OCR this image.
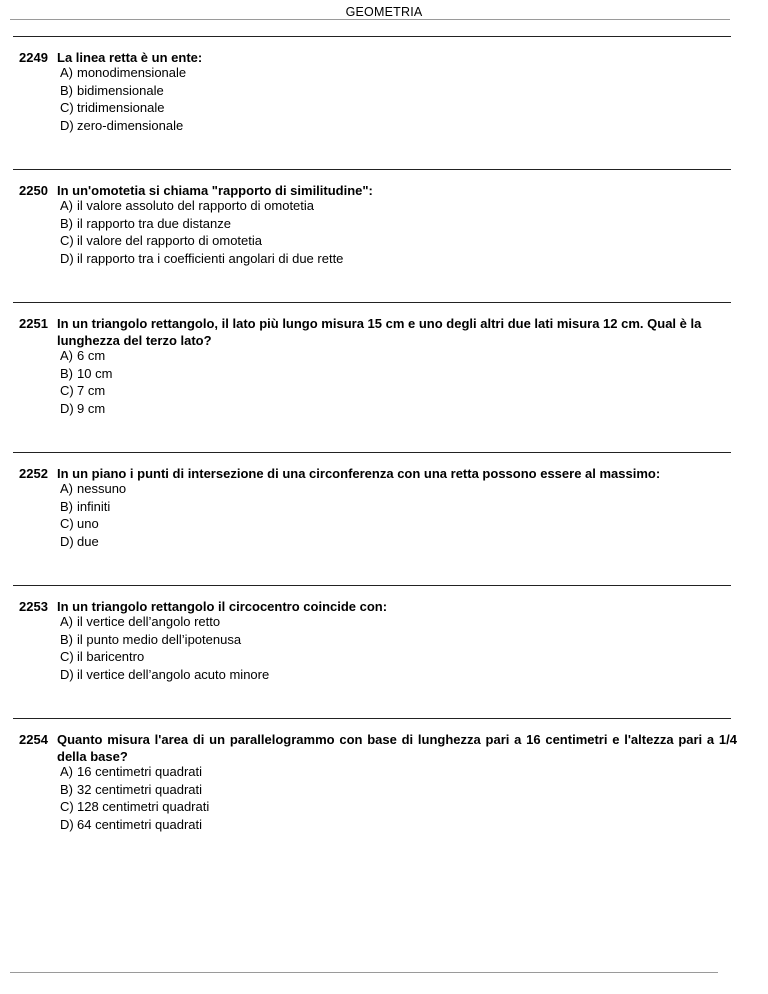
GEOMETRIA
2249 La linea retta è un ente:
A) monodimensionale
B) bidimensionale
C) tridimensionale
D) zero-dimensionale
2250 In un'omotetia si chiama "rapporto di similitudine":
A) il valore assoluto del rapporto di omotetia
B) il rapporto tra due distanze
C) il valore del rapporto di omotetia
D) il rapporto tra i coefficienti angolari di due rette
2251 In un triangolo rettangolo, il lato più lungo misura 15 cm e uno degli altri due lati misura 12 cm. Qual è la lunghezza del terzo lato?
A) 6 cm
B) 10 cm
C) 7 cm
D) 9 cm
2252 In un piano i punti di intersezione di una circonferenza con una retta possono essere al massimo:
A) nessuno
B) infiniti
C) uno
D) due
2253 In un triangolo rettangolo il circocentro coincide con:
A) il vertice dell’angolo retto
B) il punto medio dell’ipotenusa
C) il baricentro
D) il vertice dell’angolo acuto minore
2254 Quanto misura l'area di un parallelogrammo con base di lunghezza pari a 16 centimetri e l'altezza pari a 1/4 della base?
A) 16 centimetri quadrati
B) 32 centimetri quadrati
C) 128 centimetri quadrati
D) 64 centimetri quadrati
